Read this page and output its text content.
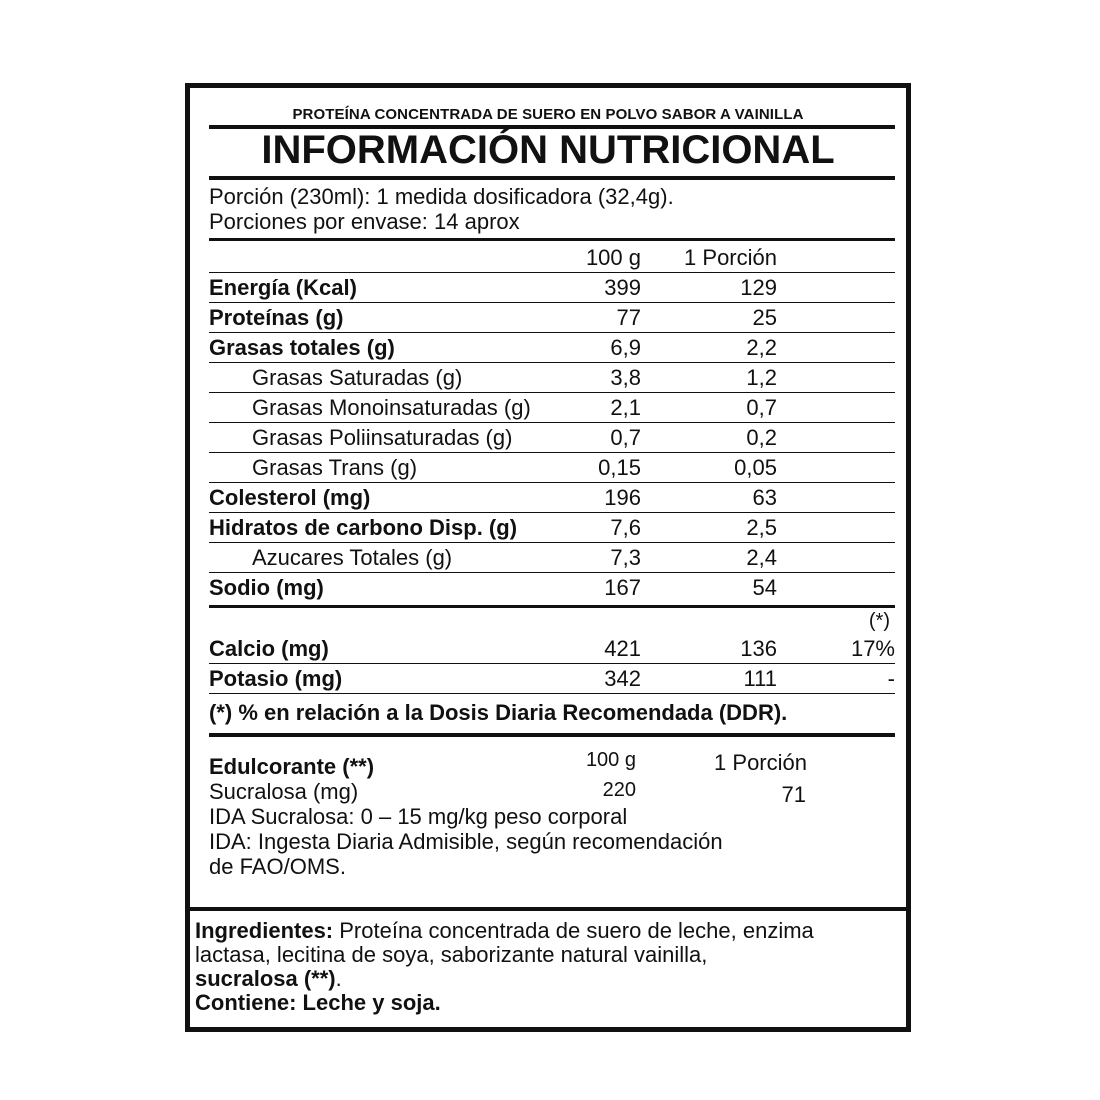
PROTEÍNA CONCENTRADA DE SUERO EN POLVO SABOR A VAINILLA
INFORMACIÓN NUTRICIONAL
Porción (230ml): 1 medida dosificadora (32,4g).
Porciones por envase: 14 aprox
100 g 1 Porción
Energía (Kcal)	399	129
Proteínas (g)	77	25
Grasas totales (g)	6,9	2,2
Grasas Saturadas (g)	3,8	1,2
Grasas Monoinsaturadas (g)	2,1	0,7
Grasas Poliinsaturadas (g)	0,7	0,2
Grasas Trans (g)	0,15	0,05
Colesterol (mg)	196	63
Hidratos de carbono Disp. (g)	7,6	2,5
Azucares Totales (g)	7,3	2,4
Sodio (mg)	167	54
(*)
Calcio (mg)	421	136	17%
Potasio (mg)	342	111	-
(*) % en relación a la Dosis Diaria Recomendada (DDR).
Edulcorante (**)	100 g	1 Porción
Sucralosa (mg)	220	71
IDA Sucralosa: 0 – 15 mg/kg peso corporal
IDA: Ingesta Diaria Admisible, según recomendación
de FAO/OMS.
Ingredientes: Proteína concentrada de suero de leche, enzima
lactasa, lecitina de soya, saborizante natural vainilla,
sucralosa (**).
Contiene: Leche y soja.
